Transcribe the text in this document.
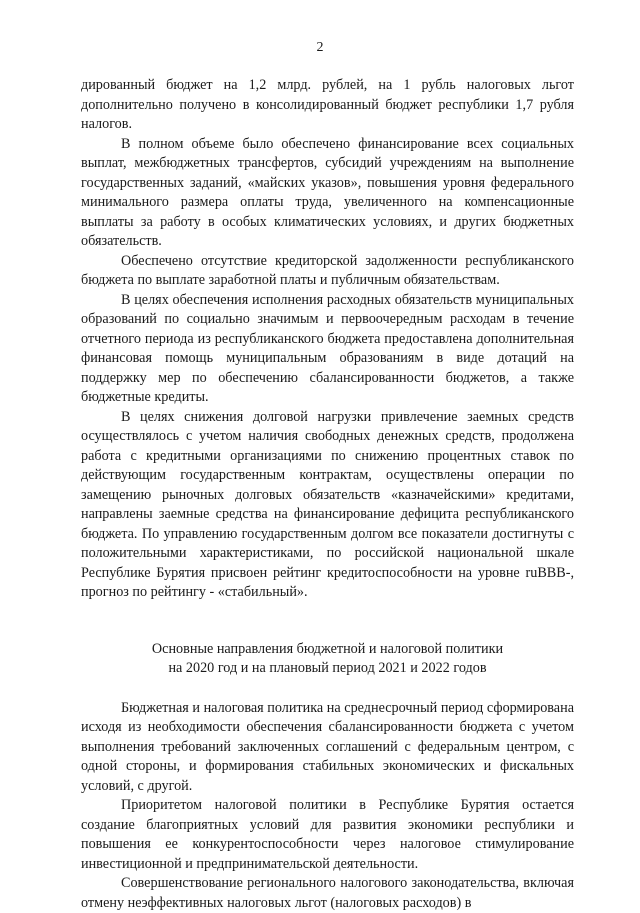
2

дированный бюджет на 1,2 млрд. рублей, на 1 рубль налоговых льгот дополнительно получено в консолидированный бюджет республики 1,7 рубля налогов.

В полном объеме было обеспечено финансирование всех социальных выплат, межбюджетных трансфертов, субсидий учреждениям на выполнение государственных заданий, «майских указов», повышения уровня федерального минимального размера оплаты труда, увеличенного на компенсационные выплаты за работу в особых климатических условиях, и других бюджетных обязательств.

Обеспечено отсутствие кредиторской задолженности республиканского бюджета по выплате заработной платы и публичным обязательствам.

В целях обеспечения исполнения расходных обязательств муниципальных образований по социально значимым и первоочередным расходам в течение отчетного периода из республиканского бюджета предоставлена дополнительная финансовая помощь муниципальным образованиям в виде дотаций на поддержку мер по обеспечению сбалансированности бюджетов, а также бюджетные кредиты.

В целях снижения долговой нагрузки привлечение заемных средств осуществлялось с учетом наличия свободных денежных средств, продолжена работа с кредитными организациями по снижению процентных ставок по действующим государственным контрактам, осуществлены операции по замещению рыночных долговых обязательств «казначейскими» кредитами, направлены заемные средства на финансирование дефицита республиканского бюджета. По управлению государственным долгом все показатели достигнуты с положительными характеристиками, по российской национальной шкале Республике Бурятия присвоен рейтинг кредитоспособности на уровне ruBBB-, прогноз по рейтингу - «стабильный».

Основные направления бюджетной и налоговой политики
на 2020 год и на плановый период 2021 и 2022 годов

Бюджетная и налоговая политика на среднесрочный период сформирована исходя из необходимости обеспечения сбалансированности бюджета с учетом выполнения требований заключенных соглашений с федеральным центром, с одной стороны, и формирования стабильных экономических и фискальных условий, с другой.

Приоритетом налоговой политики в Республике Бурятия остается создание благоприятных условий для развития экономики республики и повышения ее конкурентоспособности через налоговое стимулирование инвестиционной и предпринимательской деятельности.

Совершенствование регионального налогового законодательства, включая отмену неэффективных налоговых льгот (налоговых расходов) в
